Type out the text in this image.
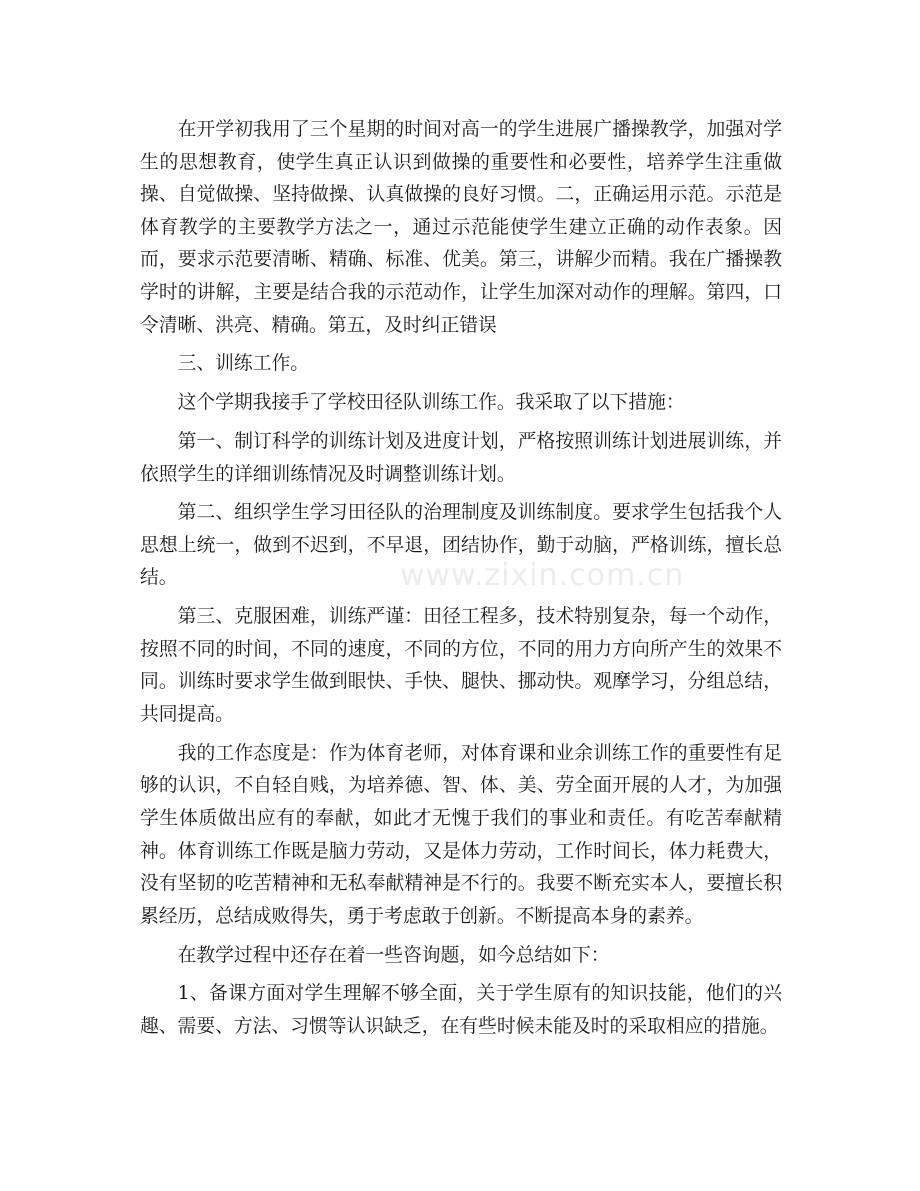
在开学初我用了三个星期的时间对高一的学生进展广播操教学，加强对学生的思想教育，使学生真正认识到做操的重要性和必要性，培养学生注重做操、自觉做操、坚持做操、认真做操的良好习惯。二，正确运用示范。示范是体育教学的主要教学方法之一，通过示范能使学生建立正确的动作表象。因而，要求示范要清晰、精确、标准、优美。第三，讲解少而精。我在广播操教学时的讲解，主要是结合我的示范动作，让学生加深对动作的理解。第四，口令清晰、洪亮、精确。第五，及时纠正错误

三、训练工作。

这个学期我接手了学校田径队训练工作。我采取了以下措施：

第一、制订科学的训练计划及进度计划，严格按照训练计划进展训练，并依照学生的详细训练情况及时调整训练计划。

第二、组织学生学习田径队的治理制度及训练制度。要求学生包括我个人思想上统一，做到不迟到，不早退，团结协作，勤于动脑，严格训练，擅长总结。

第三、克服困难，训练严谨：田径工程多，技术特别复杂，每一个动作，按照不同的时间，不同的速度，不同的方位，不同的用力方向所产生的效果不同。训练时要求学生做到眼快、手快、腿快、挪动快。观摩学习，分组总结，共同提高。

我的工作态度是：作为体育老师，对体育课和业余训练工作的重要性有足够的认识，不自轻自贱，为培养德、智、体、美、劳全面开展的人才，为加强学生体质做出应有的奉献，如此才无愧于我们的事业和责任。有吃苦奉献精神。体育训练工作既是脑力劳动，又是体力劳动，工作时间长，体力耗费大，没有坚韧的吃苦精神和无私奉献精神是不行的。我要不断充实本人，要擅长积累经历，总结成败得失，勇于考虑敢于创新。不断提高本身的素养。

在教学过程中还存在着一些咨询题，如今总结如下：

1、备课方面对学生理解不够全面，关于学生原有的知识技能，他们的兴趣、需要、方法、习惯等认识缺乏，在有些时候未能及时的采取相应的措施。

www.zixin.com.cn
